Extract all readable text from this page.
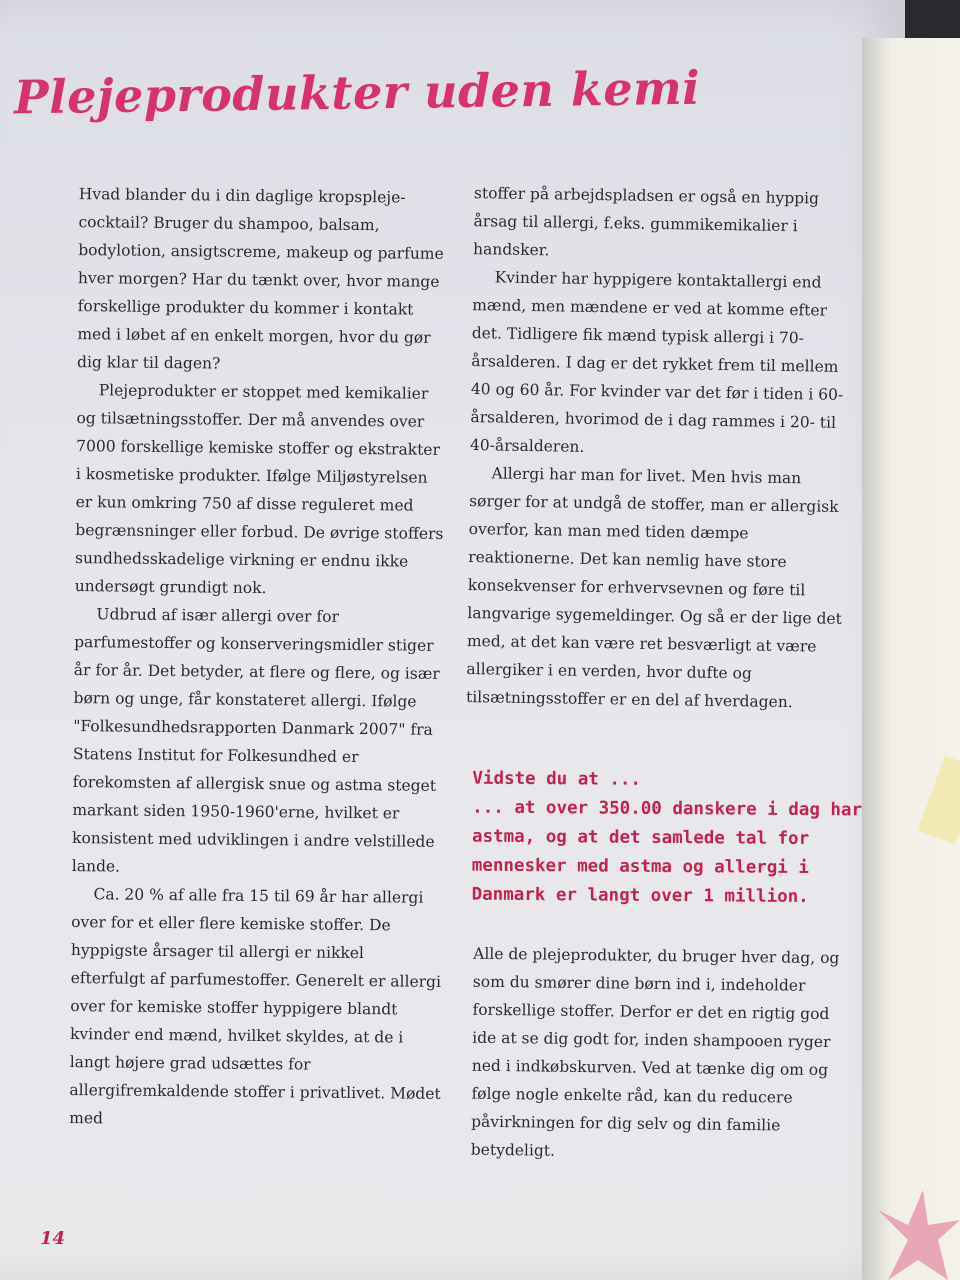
Plejeprodukter uden kemi

Hvad blander du i din daglige kropspleje-cocktail? Bruger du shampoo, balsam, bodylotion, ansigtscreme, makeup og parfume hver morgen? Har du tænkt over, hvor mange forskellige produkter du kommer i kontakt med i løbet af en enkelt morgen, hvor du gør dig klar til dagen?

Plejeprodukter er stoppet med kemikalier og tilsætningsstoffer. Der må anvendes over 7000 forskellige kemiske stoffer og ekstrakter i kosmetiske produkter. Ifølge Miljøstyrelsen er kun omkring 750 af disse reguleret med begrænsninger eller forbud. De øvrige stoffers sundhedsskadelige virkning er endnu ikke undersøgt grundigt nok.

Udbrud af især allergi over for parfumestoffer og konserveringsmidler stiger år for år. Det betyder, at flere og flere, og især børn og unge, får konstateret allergi. Ifølge "Folkesundhedsrapporten Danmark 2007" fra Statens Institut for Folkesundhed er forekomsten af allergisk snue og astma steget markant siden 1950-1960'erne, hvilket er konsistent med udviklingen i andre velstillede lande.

Ca. 20 % af alle fra 15 til 69 år har allergi over for et eller flere kemiske stoffer. De hyppigste årsager til allergi er nikkel efterfulgt af parfumestoffer. Generelt er allergi over for kemiske stoffer hyppigere blandt kvinder end mænd, hvilket skyldes, at de i langt højere grad udsættes for allergifremkaldende stoffer i privatlivet. Mødet med

stoffer på arbejdspladsen er også en hyppig årsag til allergi, f.eks. gummikemikalier i handsker.

Kvinder har hyppigere kontaktallergi end mænd, men mændene er ved at komme efter det. Tidligere fik mænd typisk allergi i 70-årsalderen. I dag er det rykket frem til mellem 40 og 60 år. For kvinder var det før i tiden i 60-årsalderen, hvorimod de i dag rammes i 20- til 40-årsalderen.

Allergi har man for livet. Men hvis man sørger for at undgå de stoffer, man er allergisk overfor, kan man med tiden dæmpe reaktionerne. Det kan nemlig have store konsekvenser for erhvervsevnen og føre til langvarige sygemeldinger. Og så er der lige det med, at det kan være ret besværligt at være allergiker i en verden, hvor dufte og tilsætningsstoffer er en del af hverdagen.

Vidste du at ...
... at over 350.00 danskere i dag har astma, og at det samlede tal for mennesker med astma og allergi i Danmark er langt over 1 million.

Alle de plejeprodukter, du bruger hver dag, og som du smører dine børn ind i, indeholder forskellige stoffer. Derfor er det en rigtig god ide at se dig godt for, inden shampooen ryger ned i indkøbskurven. Ved at tænke dig om og følge nogle enkelte råd, kan du reducere påvirkningen for dig selv og din familie betydeligt.

14
